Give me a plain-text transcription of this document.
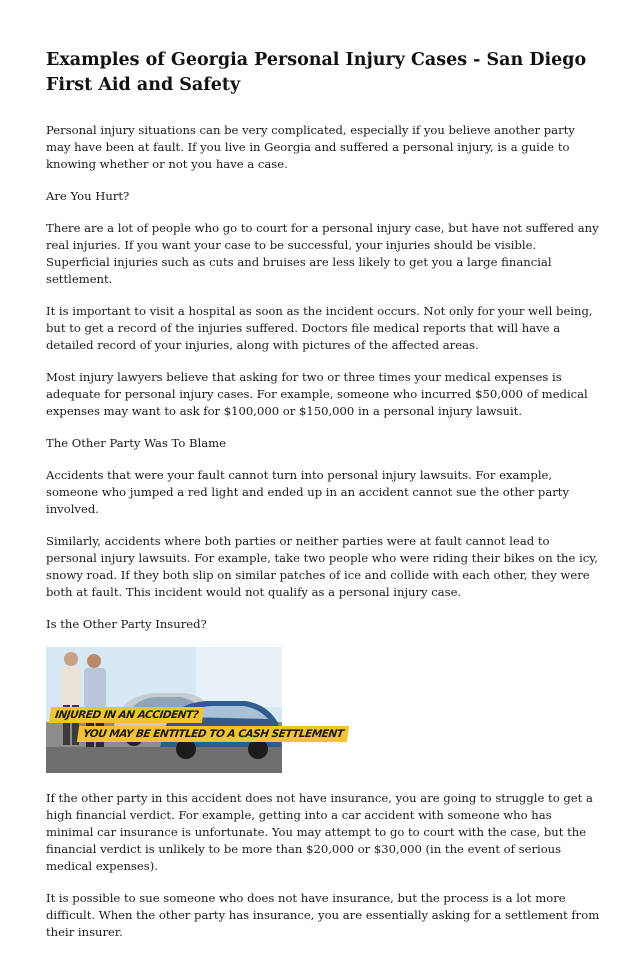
Examples of Georgia Personal Injury Cases - San Diego First Aid and Safety

Personal injury situations can be very complicated, especially if you believe another party may have been at fault. If you live in Georgia and suffered a personal injury, is a guide to knowing whether or not you have a case.

Are You Hurt?

There are a lot of people who go to court for a personal injury case, but have not suffered any real injuries. If you want your case to be successful, your injuries should be visible. Superficial injuries such as cuts and bruises are less likely to get you a large financial settlement.

It is important to visit a hospital as soon as the incident occurs. Not only for your well being, but to get a record of the injuries suffered. Doctors file medical reports that will have a detailed record of your injuries, along with pictures of the affected areas.

Most injury lawyers believe that asking for two or three times your medical expenses is adequate for personal injury cases. For example, someone who incurred $50,000 of medical expenses may want to ask for $100,000 or $150,000 in a personal injury lawsuit.

The Other Party Was To Blame

Accidents that were your fault cannot turn into personal injury lawsuits. For example, someone who jumped a red light and ended up in an accident cannot sue the other party involved.

Similarly, accidents where both parties or neither parties were at fault cannot lead to personal injury lawsuits. For example, take two people who were riding their bikes on the icy, snowy road. If they both slip on similar patches of ice and collide with each other, they were both at fault. This incident would not qualify as a personal injury case.

Is the Other Party Insured?

INJURED IN AN ACCIDENT?
YOU MAY BE ENTITLED TO A CASH SETTLEMENT

If the other party in this accident does not have insurance, you are going to struggle to get a high financial verdict. For example, getting into a car accident with someone who has minimal car insurance is unfortunate. You may attempt to go to court with the case, but the financial verdict is unlikely to be more than $20,000 or $30,000 (in the event of serious medical expenses).

It is possible to sue someone who does not have insurance, but the process is a lot more difficult. When the other party has insurance, you are essentially asking for a settlement from their insurer.
